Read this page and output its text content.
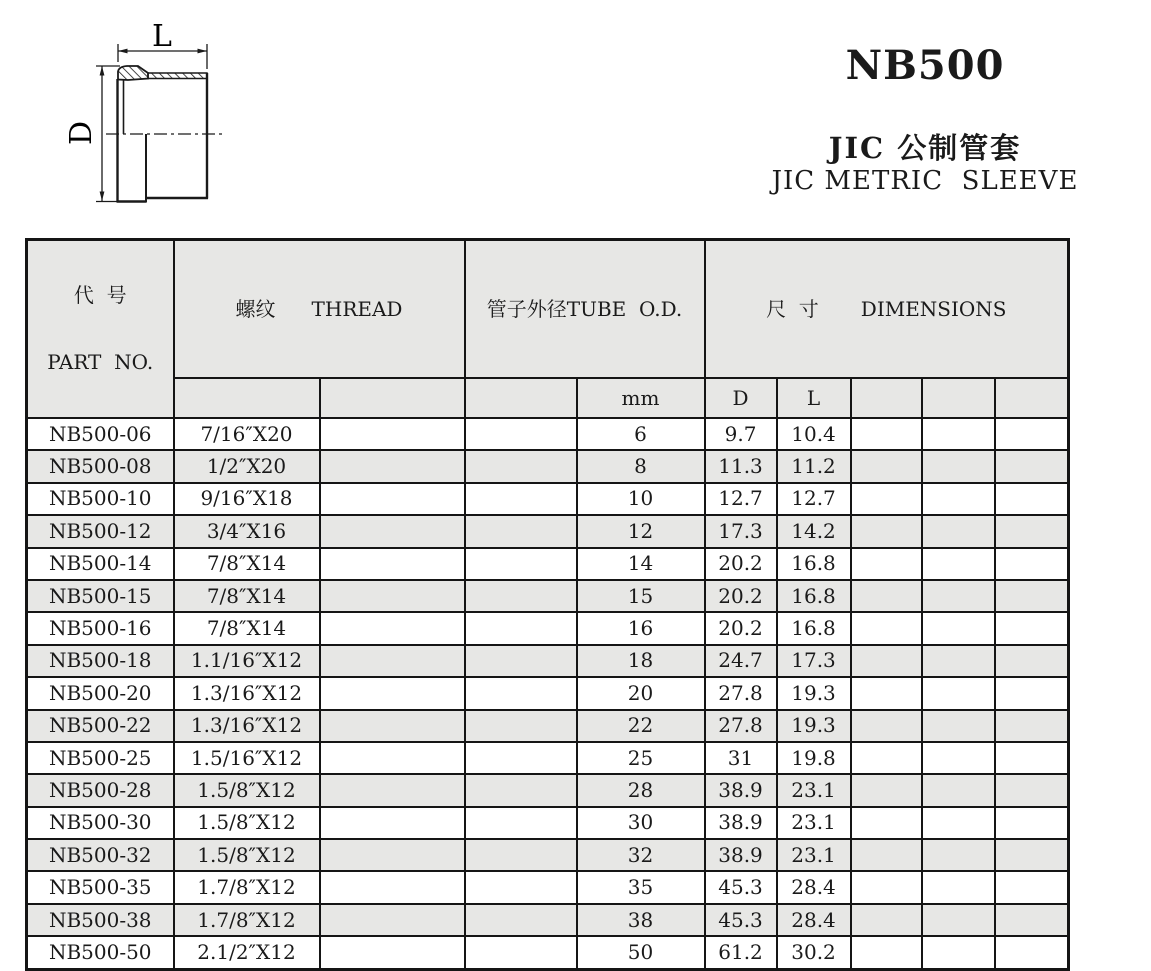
L
D
NB500
JIC 公制管套
JIC METRIC  SLEEVE

代  号

PART  NO.

螺纹 THREAD	管子外径 TUBE  O.D.	尺  寸 DIMENSIONS

				mm	D	L			
NB500-06	7/16″X20			6	9.7	10.4			
NB500-08	1/2″X20			8	11.3	11.2			
NB500-10	9/16″X18			10	12.7	12.7			
NB500-12	3/4″X16			12	17.3	14.2			
NB500-14	7/8″X14			14	20.2	16.8			
NB500-15	7/8″X14			15	20.2	16.8			
NB500-16	7/8″X14			16	20.2	16.8			
NB500-18	1.1/16″X12			18	24.7	17.3			
NB500-20	1.3/16″X12			20	27.8	19.3			
NB500-22	1.3/16″X12			22	27.8	19.3			
NB500-25	1.5/16″X12			25	31	19.8			
NB500-28	1.5/8″X12			28	38.9	23.1			
NB500-30	1.5/8″X12			30	38.9	23.1			
NB500-32	1.5/8″X12			32	38.9	23.1			
NB500-35	1.7/8″X12			35	45.3	28.4			
NB500-38	1.7/8″X12			38	45.3	28.4			
NB500-50	2.1/2″X12			50	61.2	30.2			
